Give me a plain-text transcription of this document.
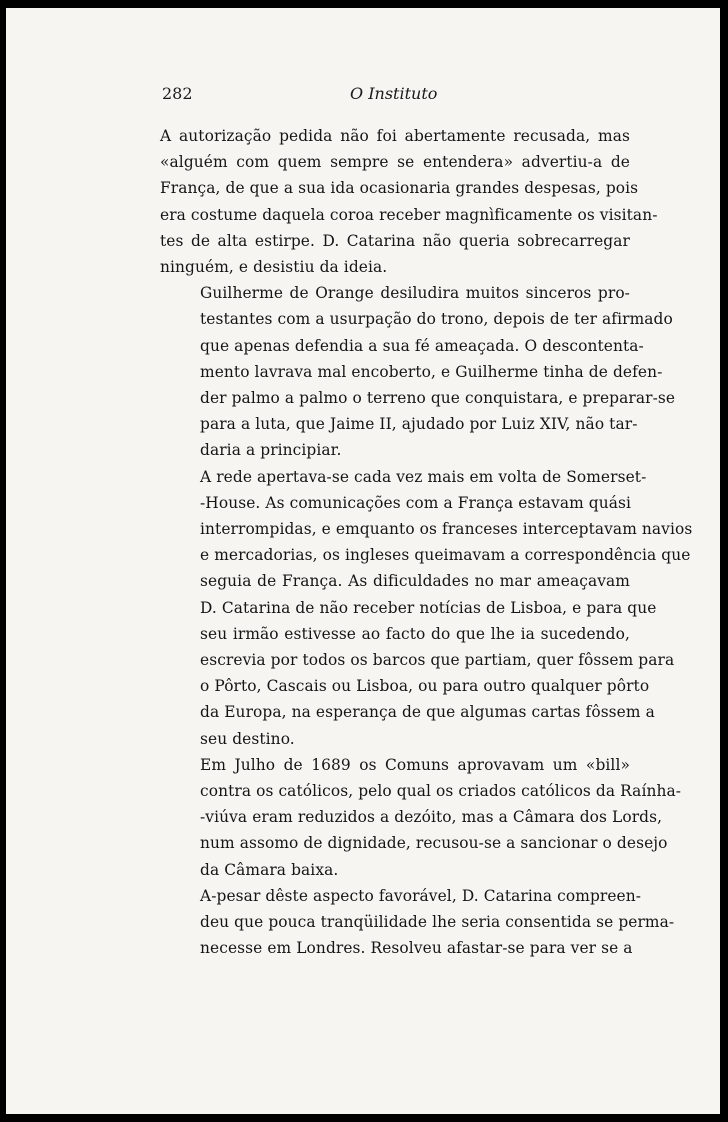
282	O Instituto

A autorização pedida não foi abertamente recusada, mas
«alguém com quem sempre se entendera» advertiu-a de
França, de que a sua ida ocasionaria grandes despesas, pois
era costume daquela coroa receber magnìficamente os visitan-
tes de alta estirpe. D. Catarina não queria sobrecarregar
ninguém, e desistiu da ideia.

Guilherme de Orange desiludira muitos sinceros pro-
testantes com a usurpação do trono, depois de ter afirmado
que apenas defendia a sua fé ameaçada. O descontenta-
mento lavrava mal encoberto, e Guilherme tinha de defen-
der palmo a palmo o terreno que conquistara, e preparar-se
para a luta, que Jaime II, ajudado por Luiz XIV, não tar-
daria a principiar.

A rede apertava-se cada vez mais em volta de Somerset-
-House. As comunicações com a França estavam quási
interrompidas, e emquanto os franceses interceptavam navios
e mercadorias, os ingleses queimavam a correspondência que
seguia de França. As dificuldades no mar ameaçavam
D. Catarina de não receber notícias de Lisboa, e para que
seu irmão estivesse ao facto do que lhe ia sucedendo,
escrevia por todos os barcos que partiam, quer fôssem para
o Pôrto, Cascais ou Lisboa, ou para outro qualquer pôrto
da Europa, na esperança de que algumas cartas fôssem a
seu destino.

Em Julho de 1689 os Comuns aprovavam um «bill»
contra os católicos, pelo qual os criados católicos da Raínha-
-viúva eram reduzidos a dezóito, mas a Câmara dos Lords,
num assomo de dignidade, recusou-se a sancionar o desejo
da Câmara baixa.

A-pesar dêste aspecto favorável, D. Catarina compreen-
deu que pouca tranqüilidade lhe seria consentida se perma-
necesse em Londres. Resolveu afastar-se para ver se a
